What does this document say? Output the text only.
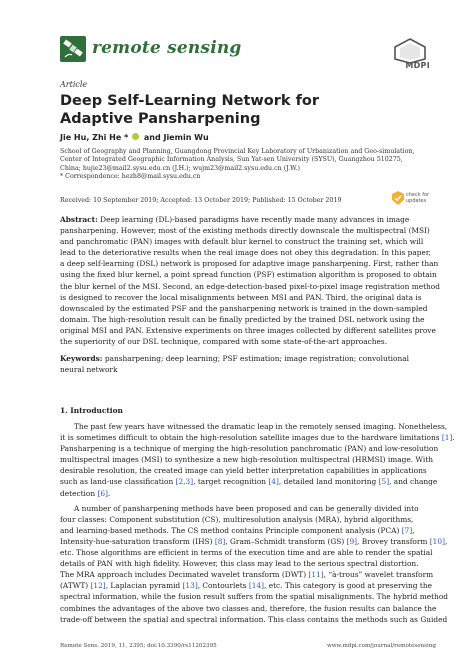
remote sensing
MDPI
Article
Deep Self-Learning Network for
Adaptive Pansharpening
Jie Hu, Zhi He * and Jiemin Wu
School of Geography and Planning, Guangdong Provincial Key Laboratory of Urbanization and Geo-simulation,
Center of Integrated Geographic Information Analysis, Sun Yat-sen University (SYSU), Guangzhou 510275,
China; hujie23@mail2.sysu.edu.cn (J.H.); wujm23@mail2.sysu.edu.cn (J.W.)
* Correspondence: hezh8@mail.sysu.edu.cn
Received: 10 September 2019; Accepted: 13 October 2019; Published: 15 October 2019
check for
updates
Abstract: Deep learning (DL)-based paradigms have recently made many advances in image
pansharpening. However, most of the existing methods directly downscale the multispectral (MSI)
and panchromatic (PAN) images with default blur kernel to construct the training set, which will
lead to the deteriorative results when the real image does not obey this degradation. In this paper,
a deep self-learning (DSL) network is proposed for adaptive image pansharpening. First, rather than
using the fixed blur kernel, a point spread function (PSF) estimation algorithm is proposed to obtain
the blur kernel of the MSI. Second, an edge-detection-based pixel-to-pixel image registration method
is designed to recover the local misalignments between MSI and PAN. Third, the original data is
downscaled by the estimated PSF and the pansharpening network is trained in the down-sampled
domain. The high-resolution result can be finally predicted by the trained DSL network using the
original MSI and PAN. Extensive experiments on three images collected by different satellites prove
the superiority of our DSL technique, compared with some state-of-the-art approaches.
Keywords: pansharpening; deep learning; PSF estimation; image registration; convolutional
neural network
1. Introduction
The past few years have witnessed the dramatic leap in the remotely sensed imaging. Nonetheless,
it is sometimes difficult to obtain the high-resolution satellite images due to the hardware limitations [1].
Pansharpening is a technique of merging the high-resolution panchromatic (PAN) and low-resolution
multispectral images (MSI) to synthesize a new high-resolution multispectral (HRMSI) image. With
desirable resolution, the created image can yield better interpretation capabilities in applications
such as land-use classification [2,3], target recognition [4], detailed land monitoring [5], and change
detection [6].
A number of pansharpening methods have been proposed and can be generally divided into
four classes: Component substitution (CS), multiresolution analysis (MRA), hybrid algorithms,
and learning-based methods. The CS method contains Principle component analysis (PCA) [7],
Intensity-hue-saturation transform (IHS) [8], Gram–Schmidt transform (GS) [9], Brovey transform [10],
etc. Those algorithms are efficient in terms of the execution time and are able to render the spatial
details of PAN with high fidelity. However, this class may lead to the serious spectral distortion.
The MRA approach includes Decimated wavelet transform (DWT) [11], “à-trous” wavelet transform
(ATWT) [12], Laplacian pyramid [13], Contourlets [14], etc. This category is good at preserving the
spectral information, while the fusion result suffers from the spatial misalignments. The hybrid method
combines the advantages of the above two classes and, therefore, the fusion results can balance the
trade-off between the spatial and spectral information. This class contains the methods such as Guided
Remote Sens. 2019, 11, 2395; doi:10.3390/rs11202395	www.mdpi.com/journal/remotesensing
